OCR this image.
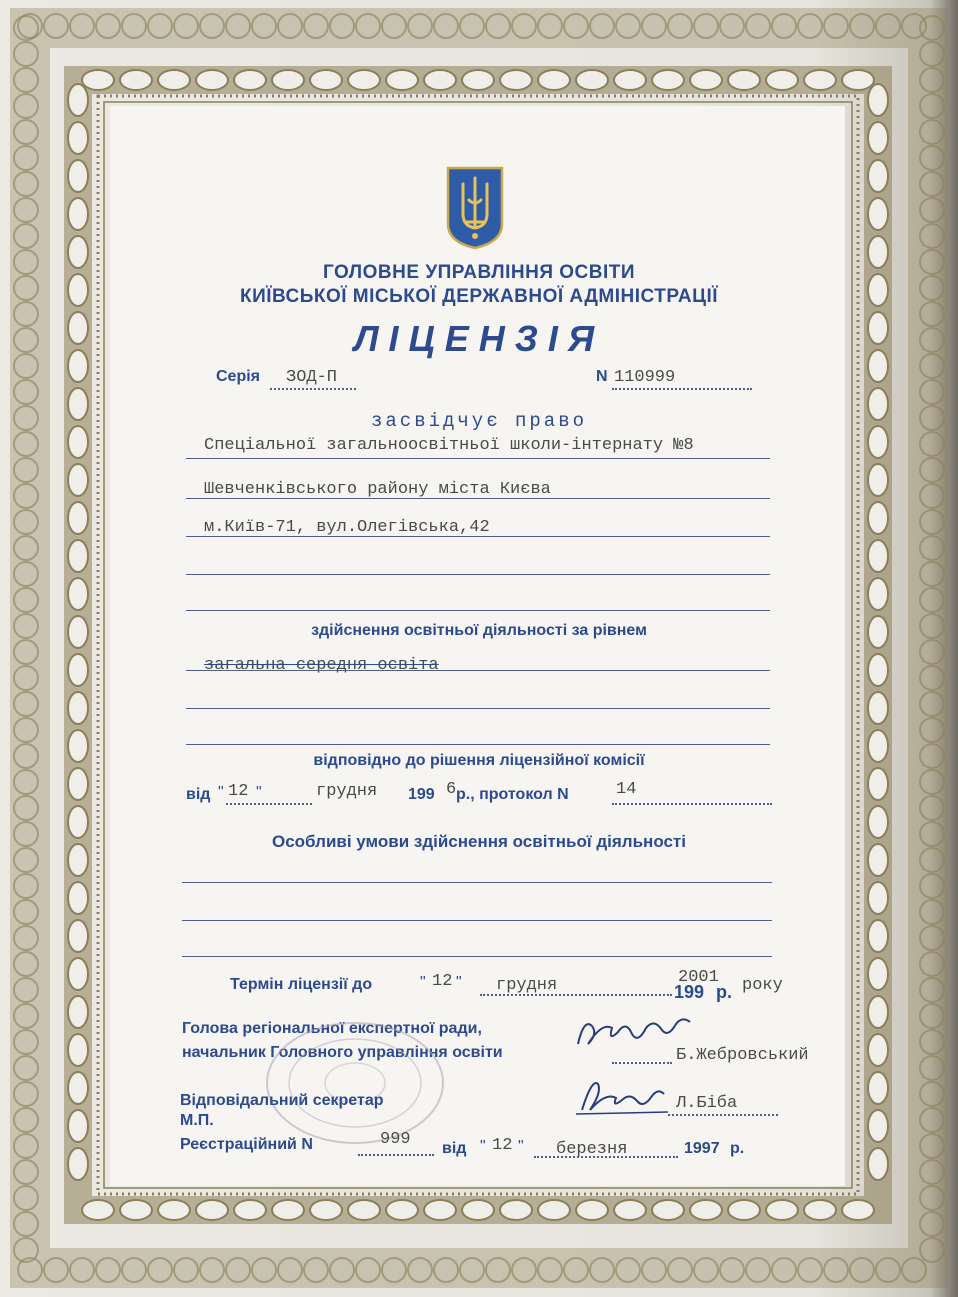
ГОЛОВНЕ УПРАВЛІННЯ ОСВІТИ
КИЇВСЬКОЇ МІСЬКОЇ ДЕРЖАВНОЇ АДМІНІСТРАЦІЇ
ЛІЦЕНЗІЯ
Серія ЗОД-П	N 110999
засвідчує право
Спеціальної загальноосвітньої школи-інтернату №8
Шевченківського району міста Києва
м.Київ-71, вул.Олегівська,42
здійснення освітньої діяльності за рівнем
загальна середня освіта
відповідно до рішення ліцензійної комісії
від " 12 "	грудня 199 6 р., протокол N	14
Особливі умови здійснення освітньої діяльності
Термін ліцензії до	" 12 " грудня	199 р.
2001 року
Голова регіональної експертної ради,
начальник Головного управління освіти	Б.Жебровський
Відповідальний секретар
М.П.
Л.Біба
Реєстраційний N	999 від " 12 " березня	1997 р.
